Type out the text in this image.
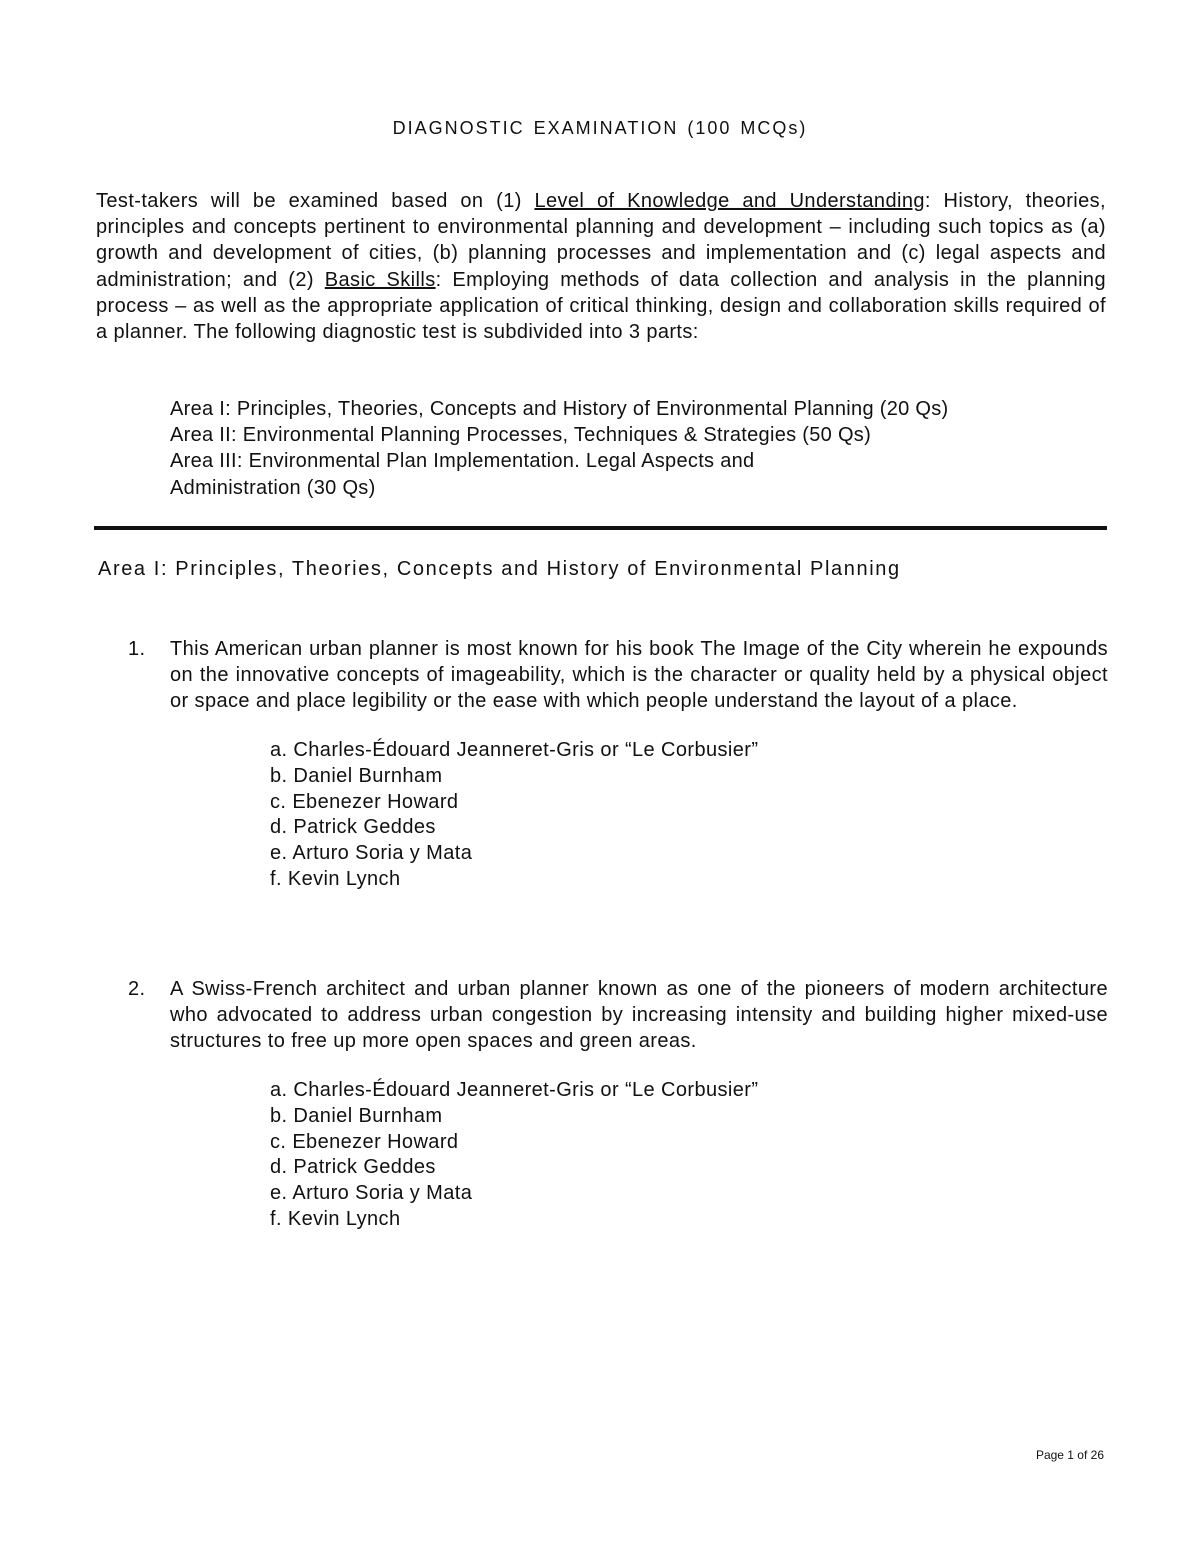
DIAGNOSTIC EXAMINATION (100 MCQs)

Test-takers will be examined based on (1) Level of Knowledge and Understanding: History, theories, principles and concepts pertinent to environmental planning and development – including such topics as (a) growth and development of cities, (b) planning processes and implementation and (c) legal aspects and administration; and (2) Basic Skills: Employing methods of data collection and analysis in the planning process – as well as the appropriate application of critical thinking, design and collaboration skills required of a planner. The following diagnostic test is subdivided into 3 parts:

Area I: Principles, Theories, Concepts and History of Environmental Planning (20 Qs)
Area II: Environmental Planning Processes, Techniques & Strategies (50 Qs)
Area III: Environmental Plan Implementation. Legal Aspects and
Administration (30 Qs)
Area I: Principles, Theories, Concepts and History of Environmental Planning
1.	This American urban planner is most known for his book The Image of the City wherein he expounds on the innovative concepts of imageability, which is the character or quality held by a physical object or space and place legibility or the ease with which people understand the layout of a place.
a. Charles-Édouard Jeanneret-Gris or “Le Corbusier”
b. Daniel Burnham
c. Ebenezer Howard
d. Patrick Geddes
e. Arturo Soria y Mata
f. Kevin Lynch
2.	A Swiss-French architect and urban planner known as one of the pioneers of modern architecture who advocated to address urban congestion by increasing intensity and building higher mixed-use structures to free up more open spaces and green areas.
a. Charles-Édouard Jeanneret-Gris or “Le Corbusier”
b. Daniel Burnham
c. Ebenezer Howard
d. Patrick Geddes
e. Arturo Soria y Mata
f. Kevin Lynch
Page 1 of 26
